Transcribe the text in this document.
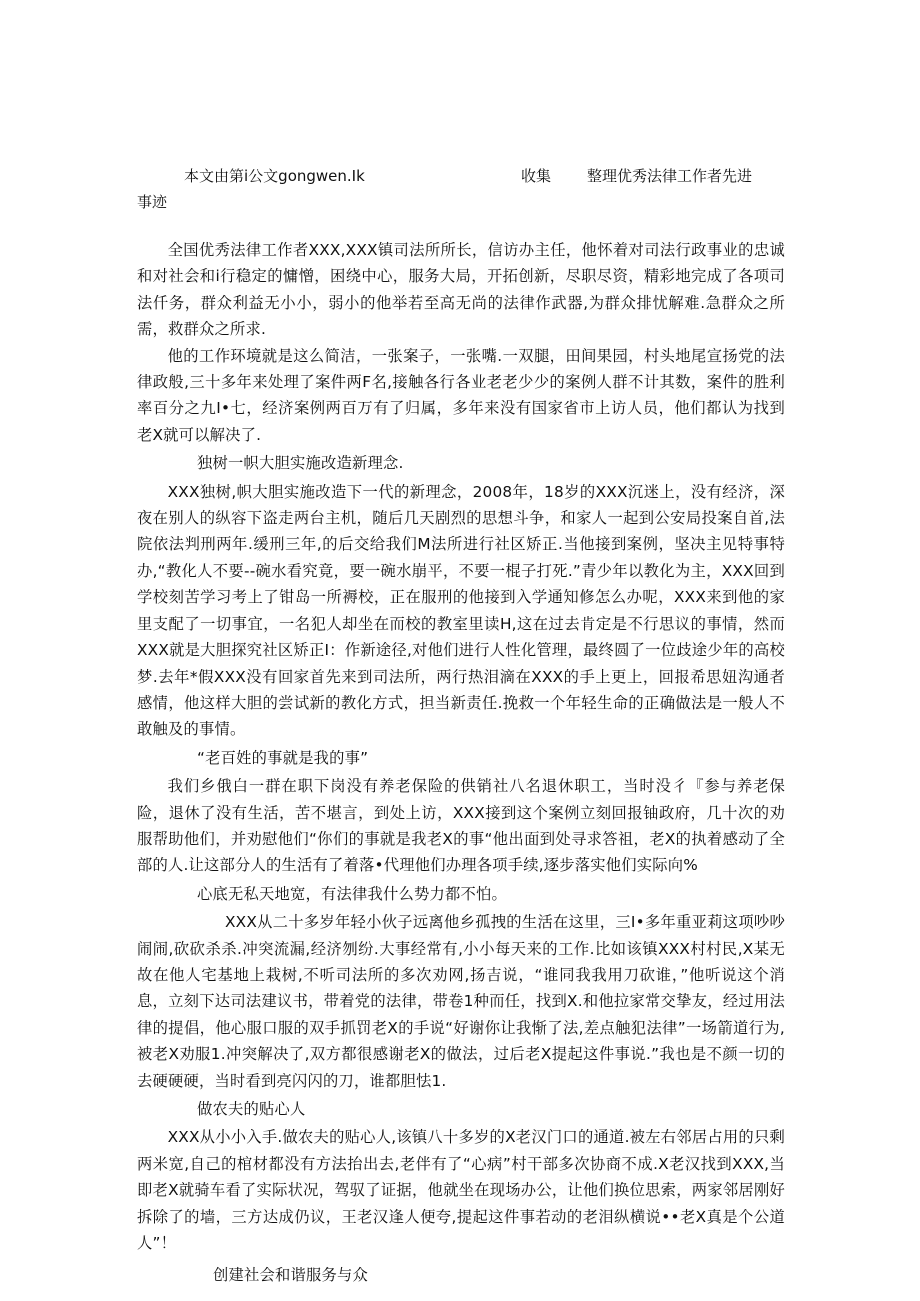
本文由第i公文gongwen.Ik	收集 整理优秀法律工作者先进
事迹

全国优秀法律工作者XXX,XXX镇司法所所长，信访办主任，他怀着对司法行政事业的忠诚和对社会和i行稳定的慵憎，困绕中心，服务大局，开拓创新，尽职尽资，精彩地完成了各项司法仟务，群众利益无小小，弱小的他举若至高无尚的法律作武器,为群众排忧解难.急群众之所需，救群众之所求.

他的工作环境就是这么简洁，一张案子，一张嘴.一双腿，田间果园，村头地尾宣扬党的法律政般,三十多年来处理了案件两F名,接触各行各业老老少少的案例人群不计其数，案件的胜利率百分之九I•七，经济案例两百万有了归属，多年来没有国家省市上访人员，他们都认为找到老X就可以解决了.

独树一帜大胆实施改造新理念.

XXX独树,帜大胆实施改造下一代的新理念，2008年，18岁的XXX沉迷上，没有经济，深夜在别人的纵容下盗走两台主机，随后几天剧烈的思想斗争，和家人一起到公安局投案自首,法院依法判刑两年.缓刑三年,的后交给我们M法所进行社区矫正.当他接到案例，坚决主见特事特办,“教化人不要--碗水看究竟，要一碗水崩平，不要一棍子打死.”青少年以教化为主，XXX回到学校刻苦学习考上了钳岛一所褥校，正在服刑的他接到入学通知修怎么办呢，XXX来到他的家里支配了一切事宜，一名犯人却坐在而校的教室里读H,这在过去肯定是不行思议的事情，然而XXX就是大胆探究社区矫正I：作新途径,对他们进行人性化管理，最终圆了一位歧途少年的高校梦.去年*假XXX没有回家首先来到司法所，两行热泪滴在XXX的手上更上，回报希思妞沟通者感情，他这样大胆的尝试新的教化方式，担当新责任.挽救一个年轻生命的正确做法是一般人不敢触及的事情。

“老百姓的事就是我的事”

我们乡俄白一群在职下岗没有养老保险的供销社八名退休职工，当时没彳『参与养老保险，退休了没有生活，苦不堪言，到处上访，XXX接到这个案例立刻回报铀政府，几十次的劝服帮助他们，并劝慰他们“你们的事就是我老X的事“他出面到处寻求答祖，老X的执着感动了全部的人.让这部分人的生活有了着落•代理他们办理各项手续,逐步落实他们实际向%

心底无私天地宽，有法律我什么势力都不怕。

XXX从二十多岁年轻小伙子远离他乡孤拽的生活在这里，三I•多年重亚莉这项吵吵闹闹,砍砍杀杀.冲突流漏,经济刎纷.大事经常有,小小每天来的工作.比如该镇XXX村村民,X某无故在他人宅基地上栽树,不听司法所的多次劝网,扬吉说，“谁同我我用刀砍谁，”他听说这个消息，立刻下达司法建议书，带着党的法律，带卷1种而任，找到X.和他拉家常交挚友，经过用法律的提倡，他心服口服的双手抓罚老X的手说“好谢你让我惭了法,差点触犯法律”一场箭道行为,被老X劝服1.冲突解决了,双方都很感谢老X的做法，过后老X提起这件事说.”我也是不颜一切的去硬硬硬，当时看到亮闪闪的刀，谁都胆怯1.

做农夫的贴心人

XXX从小小入手.做农夫的贴心人,该镇八十多岁的X老汉门口的通道.被左右邻居占用的只剩两米宽,自己的棺材都没有方法抬出去,老伴有了“心病”村干部多次协商不成.X老汉找到XXX,当即老X就骑车看了实际状况，驾驭了证据，他就坐在现场办公，让他们换位思索，两家邻居刚好拆除了的墙，三方达成仍议，王老汉逢人便夸,提起这件事若动的老泪纵横说••老X真是个公道人”！

创建社会和谐服务与众
